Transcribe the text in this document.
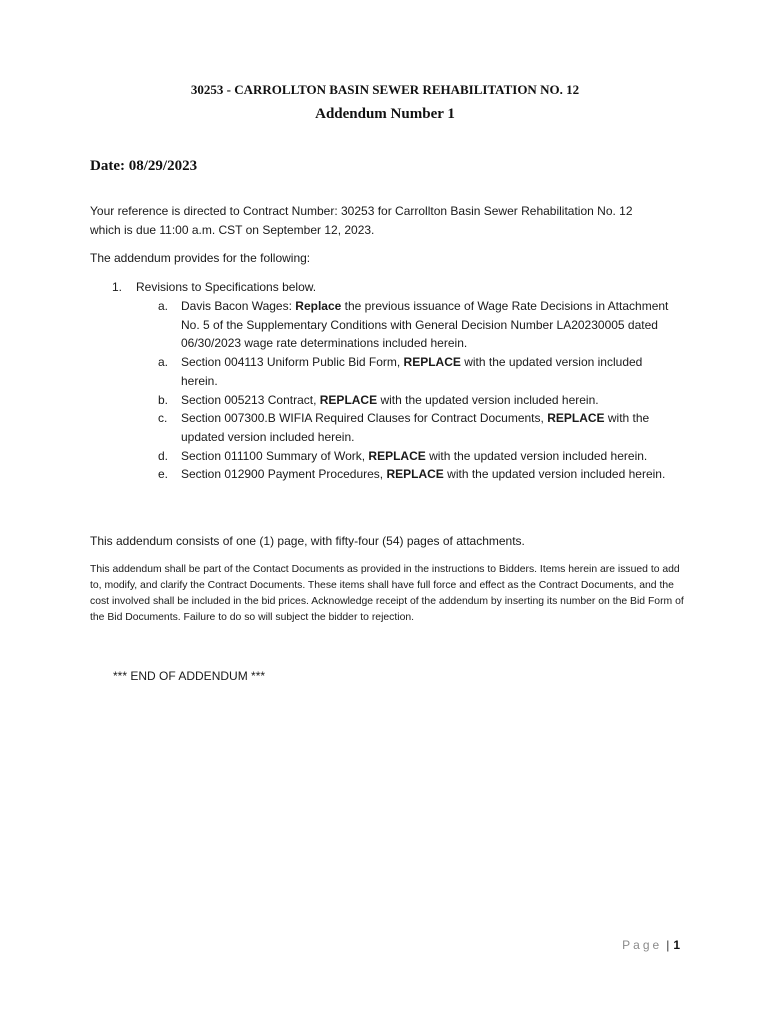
30253 - CARROLLTON BASIN SEWER REHABILITATION NO. 12
Addendum Number 1
Date: 08/29/2023
Your reference is directed to Contract Number: 30253 for Carrollton Basin Sewer Rehabilitation No. 12
which is due 11:00 a.m. CST on September 12, 2023.
The addendum provides for the following:
1. Revisions to Specifications below.
a.	Davis Bacon Wages: Replace the previous issuance of Wage Rate Decisions in Attachment No. 5 of the Supplementary Conditions with General Decision Number LA20230005 dated 06/30/2023 wage rate determinations included herein.
a.	Section 004113 Uniform Public Bid Form, REPLACE with the updated version included herein.
b.	Section 005213 Contract, REPLACE with the updated version included herein.
c.	Section 007300.B WIFIA Required Clauses for Contract Documents, REPLACE with the updated version included herein.
d.	Section 011100 Summary of Work, REPLACE with the updated version included herein.
e.	Section 012900 Payment Procedures, REPLACE with the updated version included herein.
This addendum consists of one (1) page, with fifty-four (54) pages of attachments.
This addendum shall be part of the Contact Documents as provided in the instructions to Bidders. Items herein are issued to add to, modify, and clarify the Contract Documents. These items shall have full force and effect as the Contract Documents, and the cost involved shall be included in the bid prices. Acknowledge receipt of the addendum by inserting its number on the Bid Form of the Bid Documents. Failure to do so will subject the bidder to rejection.
*** END OF ADDENDUM ***
Page | 1
